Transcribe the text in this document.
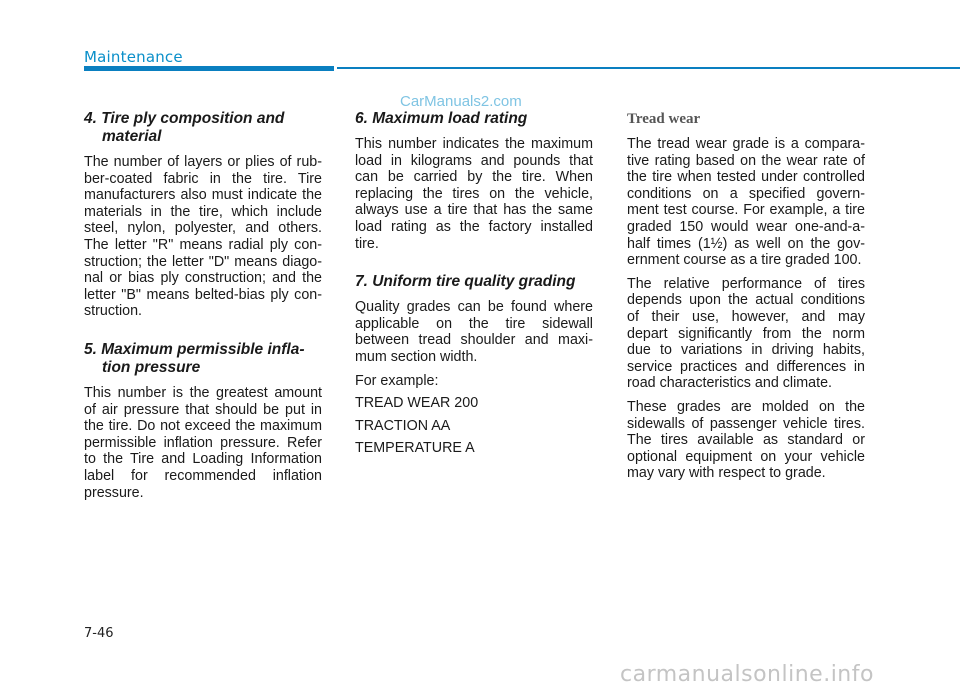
Maintenance
CarManuals2.com
4. Tire ply composition and
material

The number of layers or plies of rub-ber-coated fabric in the tire. Tire manufacturers also must indicate the materials in the tire, which include steel, nylon, polyester, and others. The letter "R" means radial ply con-struction; the letter "D" means diago-nal or bias ply construction; and the letter "B" means belted-bias ply con-struction.

5. Maximum permissible infla-
tion pressure

This number is the greatest amount of air pressure that should be put in the tire. Do not exceed the maximum permissible inflation pressure. Refer to the Tire and Loading Information label for recommended inflation pressure.

6. Maximum load rating

This number indicates the maximum load in kilograms and pounds that can be carried by the tire. When replacing the tires on the vehicle, always use a tire that has the same load rating as the factory installed tire.

7. Uniform tire quality grading

Quality grades can be found where applicable on the tire sidewall between tread shoulder and maxi-mum section width.

For example:

TREAD WEAR 200

TRACTION AA

TEMPERATURE A

Tread wear

The tread wear grade is a compara-tive rating based on the wear rate of the tire when tested under controlled conditions on a specified govern-ment test course. For example, a tire graded 150 would wear one-and-a-half times (1½) as well on the gov-ernment course as a tire graded 100.

The relative performance of tires depends upon the actual conditions of their use, however, and may depart significantly from the norm due to variations in driving habits, service practices and differences in road characteristics and climate.

These grades are molded on the sidewalls of passenger vehicle tires. The tires available as standard or optional equipment on your vehicle may vary with respect to grade.

7-46
carmanualsonline.info
